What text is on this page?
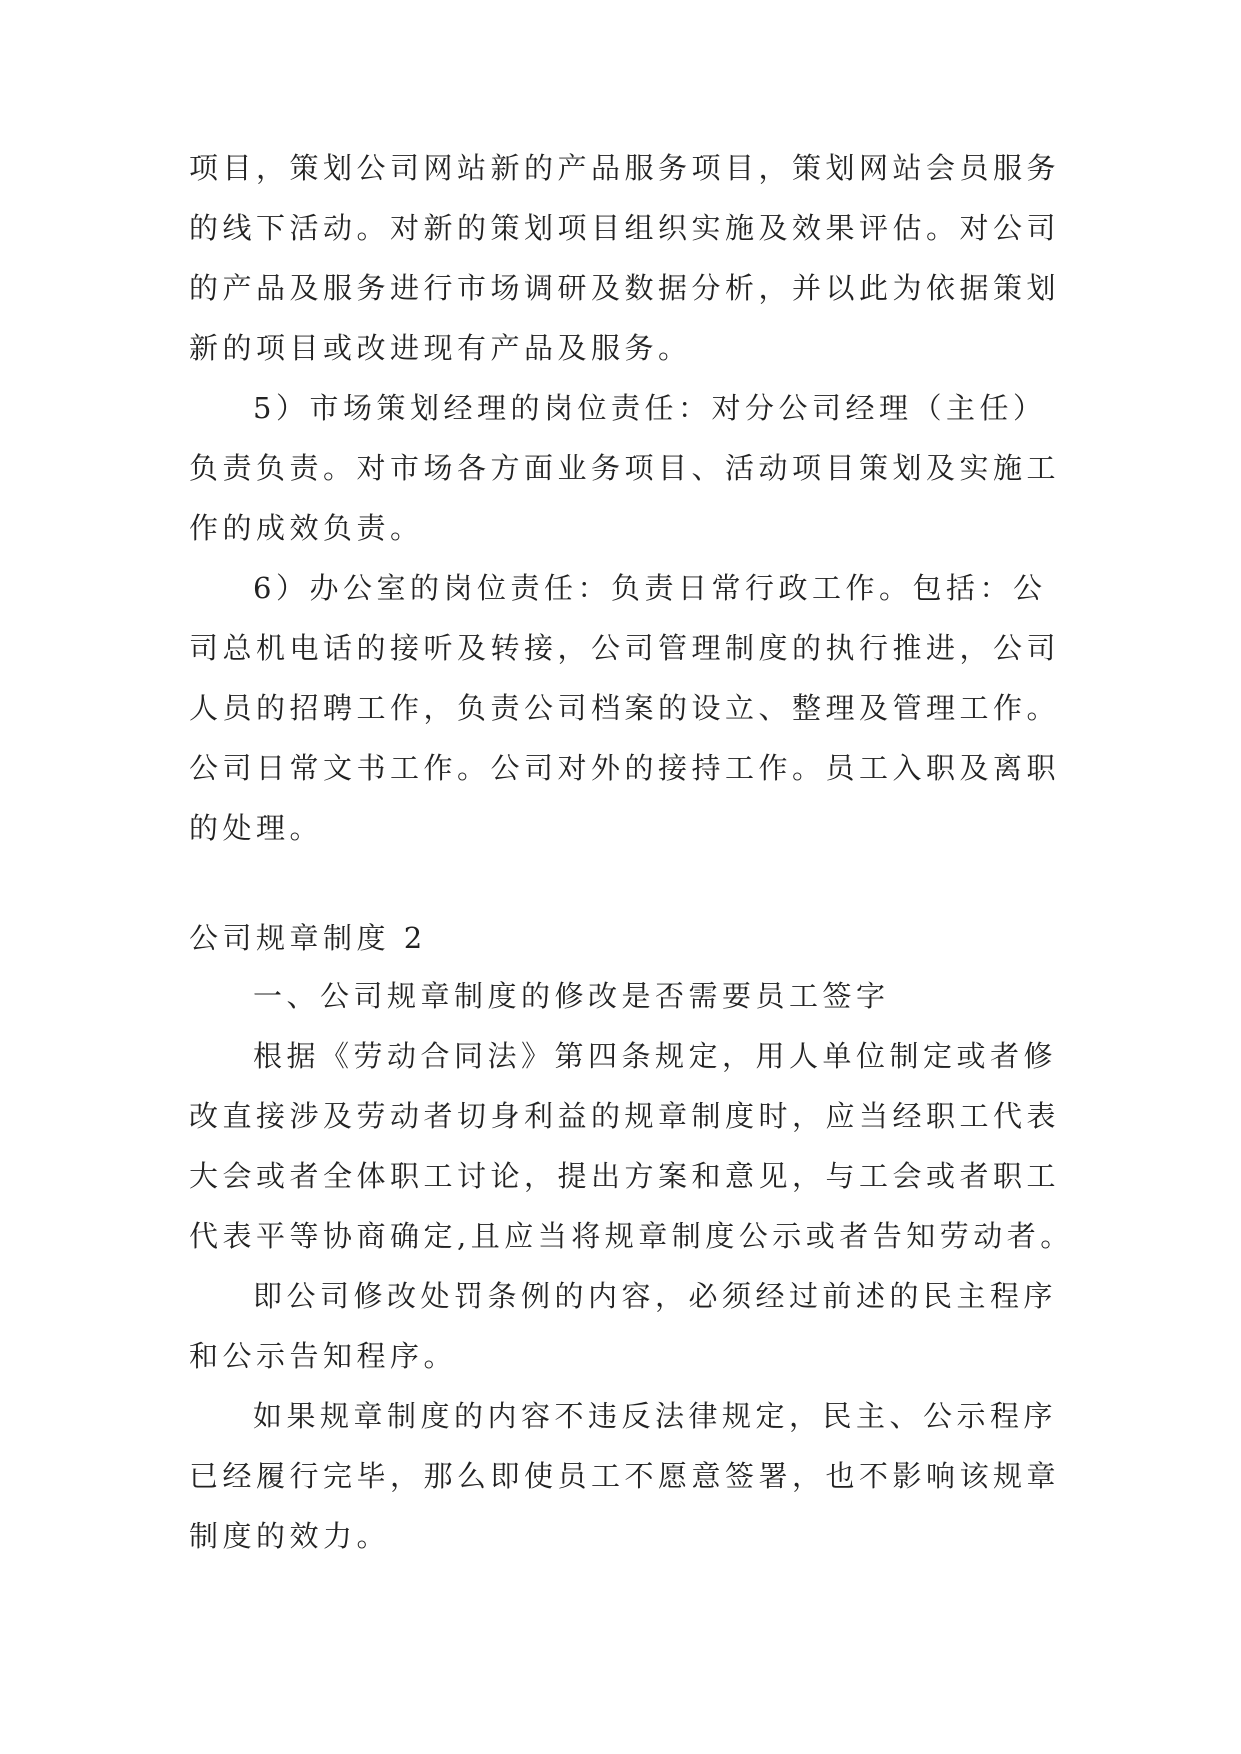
项目，策划公司网站新的产品服务项目，策划网站会员服务
的线下活动。对新的策划项目组织实施及效果评估。对公司
的产品及服务进行市场调研及数据分析，并以此为依据策划
新的项目或改进现有产品及服务。
5）市场策划经理的岗位责任：对分公司经理（主任）
负责负责。对市场各方面业务项目、活动项目策划及实施工
作的成效负责。
6）办公室的岗位责任：负责日常行政工作。包括：公
司总机电话的接听及转接，公司管理制度的执行推进，公司
人员的招聘工作，负责公司档案的设立、整理及管理工作。
公司日常文书工作。公司对外的接持工作。员工入职及离职
的处理。
公司规章制度 2
一、公司规章制度的修改是否需要员工签字
根据《劳动合同法》第四条规定，用人单位制定或者修
改直接涉及劳动者切身利益的规章制度时，应当经职工代表
大会或者全体职工讨论，提出方案和意见，与工会或者职工
代表平等协商确定,且应当将规章制度公示或者告知劳动者。
即公司修改处罚条例的内容，必须经过前述的民主程序
和公示告知程序。
如果规章制度的内容不违反法律规定，民主、公示程序
已经履行完毕，那么即使员工不愿意签署，也不影响该规章
制度的效力。
